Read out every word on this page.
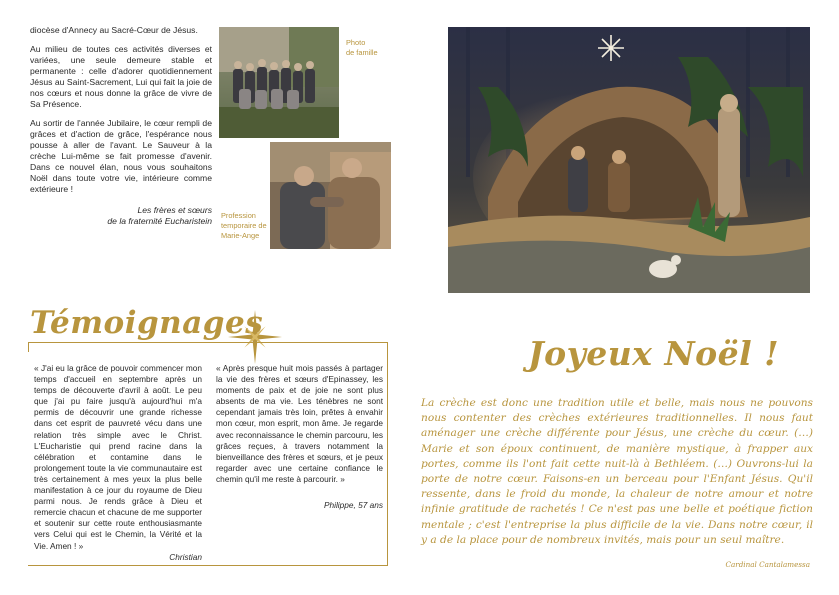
diocèse d'Annecy au Sacré-Cœur de Jésus.

Au milieu de toutes ces activités diverses et variées, une seule demeure stable et permanente : celle d'adorer quotidiennement Jésus au Saint-Sacrement, Lui qui fait la joie de nos cœurs et nous donne la grâce de vivre de Sa Présence.

Au sortir de l'année Jubilaire, le cœur rempli de grâces et d'action de grâce, l'espérance nous pousse à aller de l'avant. Le Sauveur à la crèche Lui-même se fait promesse d'avenir. Dans ce nouvel élan, nous vous souhaitons Noël dans toute votre vie, intérieure comme extérieure !

Les frères et sœurs
de la fraternité Eucharistein
Photo
de famille
Profession
temporaire de
Marie-Ange
Témoignages
« J'ai eu la grâce de pouvoir commencer mon temps d'accueil en septembre après un temps de découverte d'avril à août. Le peu que j'ai pu faire jusqu'à aujourd'hui m'a permis de découvrir une grande richesse dans cet esprit de pauvreté vécu dans une relation très simple avec le Christ. L'Eucharistie qui prend racine dans la célébration et contamine dans le prolongement toute la vie communautaire est très certainement à mes yeux la plus belle manifestation à ce jour du royaume de Dieu parmi nous. Je rends grâce à Dieu et remercie chacun et chacune de me supporter et soutenir sur cette route enthousiasmante vers Celui qui est le Chemin, la Vérité et la Vie. Amen ! »
Christian
« Après presque huit mois passés à partager la vie des frères et sœurs d'Epinassey, les moments de paix et de joie ne sont plus absents de ma vie. Les ténèbres ne sont cependant jamais très loin, prêtes à envahir mon cœur, mon esprit, mon âme. Je regarde avec reconnaissance le chemin parcouru, les grâces reçues, à travers notamment la bienveillance des frères et sœurs, et je peux regarder avec une certaine confiance le chemin qu'il me reste à parcourir. »
Philippe, 57 ans
Joyeux Noël !
La crèche est donc une tradition utile et belle, mais nous ne pouvons nous contenter des crèches extérieures traditionnelles. Il nous faut aménager une crèche différente pour Jésus, une crèche du cœur. (…) Marie et son époux continuent, de manière mystique, à frapper aux portes, comme ils l'ont fait cette nuit-là à Bethléem. (…) Ouvrons-lui la porte de notre cœur. Faisons-en un berceau pour l'Enfant Jésus. Qu'il ressente, dans le froid du monde, la chaleur de notre amour et notre infinie gratitude de rachetés ! Ce n'est pas une belle et poétique fiction mentale ; c'est l'entreprise la plus difficile de la vie. Dans notre cœur, il y a de la place pour de nombreux invités, mais pour un seul maître.
Cardinal Cantalamessa
